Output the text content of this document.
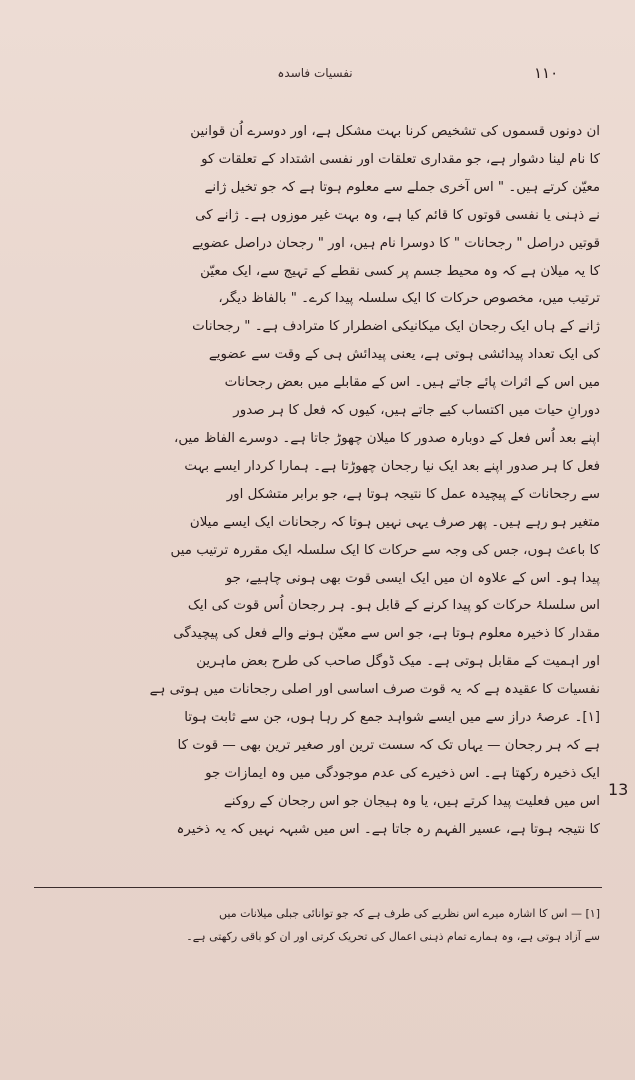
۱۱۰
نفسیات فاسدہ
ان دونوں قسموں کی تشخیص کرنا بہت مشکل ہے، اور دوسرے اُن قوانین
کا نام لینا دشوار ہے، جو مقداری تعلقات اور نفسی اشتداد کے تعلقات کو
معیّن کرتے ہیں۔ " اس آخری جملے سے معلوم ہوتا ہے کہ جو تخیل ژانے
نے ذہنی یا نفسی قوتوں کا قائم کیا ہے، وہ بہت غیر موزوں ہے۔ ژانے کی
قوتیں دراصل " رجحانات " کا دوسرا نام ہیں، اور " رجحان دراصل عضویے
کا یہ میلان ہے کہ وہ محیط جسم پر کسی نقطے کے تہیج سے، ایک معیّن
ترتیب میں، مخصوص حرکات کا ایک سلسلہ پیدا کرے۔ " بالفاظ دیگر،
ژانے کے ہاں ایک رجحان ایک میکانیکی اضطرار کا مترادف ہے۔ " رجحانات
کی ایک تعداد پیدائشی ہوتی ہے، یعنی پیدائش ہی کے وقت سے عضویے
میں اس کے اثرات پائے جاتے ہیں۔ اس کے مقابلے میں بعض رجحانات
دورانِ حیات میں اکتساب کیے جاتے ہیں، کیوں کہ فعل کا ہر صدور
اپنے بعد اُس فعل کے دوبارہ صدور کا میلان چھوڑ جاتا ہے۔ دوسرے الفاظ میں،
فعل کا ہر صدور اپنے بعد ایک نیا رجحان چھوڑتا ہے۔ ہمارا کردار ایسے بہت
سے رجحانات کے پیچیدہ عمل کا نتیجہ ہوتا ہے، جو برابر متشکل اور
متغیر ہو رہے ہیں۔ پھر صرف یہی نہیں ہوتا کہ رجحانات ایک ایسے میلان
کا باعث ہوں، جس کی وجہ سے حرکات کا ایک سلسلہ ایک مقررہ ترتیب میں
پیدا ہو۔ اس کے علاوہ ان میں ایک ایسی قوت بھی ہونی چاہیے، جو
اس سلسلۂ حرکات کو پیدا کرنے کے قابل ہو۔ ہر رجحان اُس قوت کی ایک
مقدار کا ذخیرہ معلوم ہوتا ہے، جو اس سے معیّن ہونے والے فعل کی پیچیدگی
اور اہمیت کے مقابل ہوتی ہے۔ میک ڈوگل صاحب کی طرح بعض ماہرین
نفسیات کا عقیدہ ہے کہ یہ قوت صرف اساسی اور اصلی رجحانات میں ہوتی ہے
[۱]۔ عرصۂ دراز سے میں ایسے شواہد جمع کر رہا ہوں، جن سے ثابت ہوتا
ہے کہ ہر رجحان — یہاں تک کہ سست ترین اور صغیر ترین بھی — قوت کا
ایک ذخیرہ رکھتا ہے۔ اس ذخیرے کی عدم موجودگی میں وہ ایمازات جو
اس میں فعلیت پیدا کرتے ہیں، یا وہ ہیجان جو اس رجحان کے روکنے
کا نتیجہ ہوتا ہے، عسیر الفہم رہ جاتا ہے۔ اس میں شبہہ نہیں کہ یہ ذخیرہ
13
[۱] — اس کا اشارہ میرے اس نظریے کی طرف ہے کہ جو توانائی جبلی میلانات میں
سے آزاد ہوتی ہے، وہ ہمارے تمام ذہنی اعمال کی تحریک کرتی اور ان کو باقی رکھتی ہے۔
